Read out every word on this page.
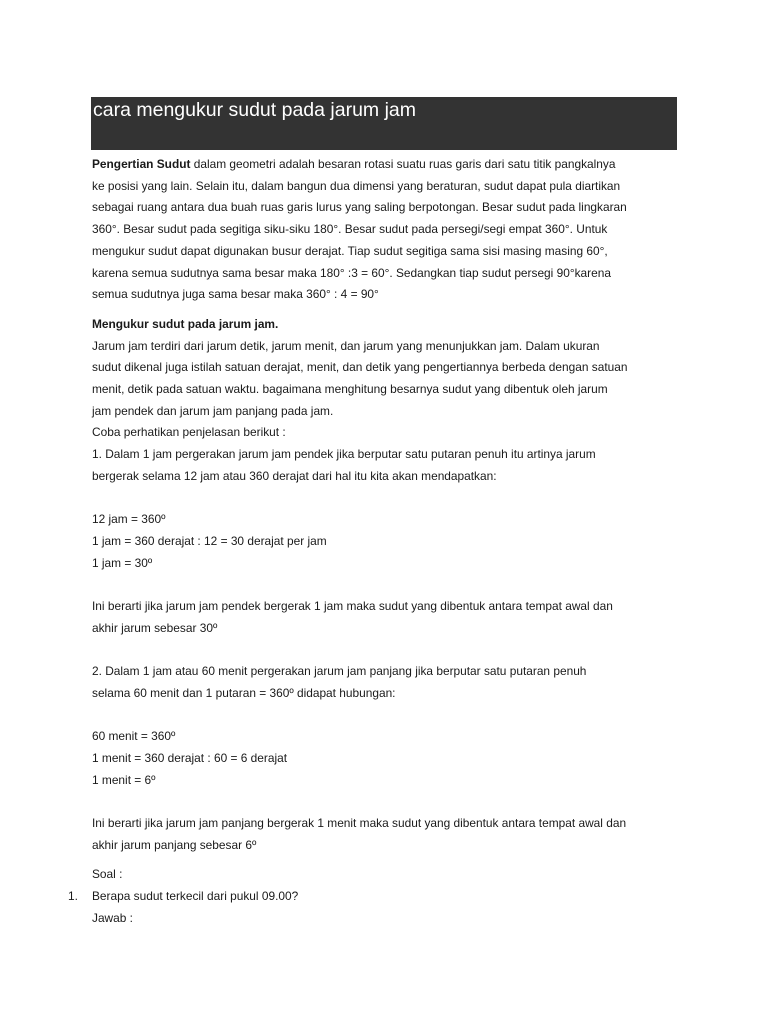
cara mengukur sudut pada jarum jam
Pengertian Sudut dalam geometri adalah besaran rotasi suatu ruas garis dari satu titik pangkalnya
ke posisi yang lain. Selain itu, dalam bangun dua dimensi yang beraturan, sudut dapat pula diartikan
sebagai ruang antara dua buah ruas garis lurus yang saling berpotongan. Besar sudut pada lingkaran
360°. Besar sudut pada segitiga siku-siku 180°. Besar sudut pada persegi/segi empat 360°. Untuk
mengukur sudut dapat digunakan busur derajat. Tiap sudut segitiga sama sisi masing masing 60°,
karena semua sudutnya sama besar maka 180° :3 = 60°. Sedangkan tiap sudut persegi 90°karena
semua sudutnya juga sama besar maka 360° : 4 = 90°
Mengukur sudut pada jarum jam.
Jarum jam terdiri dari jarum detik, jarum menit, dan jarum yang menunjukkan jam. Dalam ukuran
sudut dikenal juga istilah satuan derajat, menit, dan detik yang pengertiannya berbeda dengan satuan
menit, detik pada satuan waktu. bagaimana menghitung besarnya sudut yang dibentuk oleh jarum
jam pendek dan jarum jam panjang pada jam.
Coba perhatikan penjelasan berikut :
1. Dalam 1 jam pergerakan jarum jam pendek jika berputar satu putaran penuh itu artinya jarum
bergerak selama 12 jam atau 360 derajat dari hal itu kita akan mendapatkan:
12 jam = 360º
1 jam = 360 derajat : 12 = 30 derajat per jam
1 jam = 30º
Ini berarti jika jarum jam pendek bergerak 1 jam maka sudut yang dibentuk antara tempat awal dan
akhir jarum sebesar 30º
2. Dalam 1 jam atau 60 menit pergerakan jarum jam panjang jika berputar satu putaran penuh
selama 60 menit dan 1 putaran = 360º didapat hubungan:
60 menit = 360º
1 menit = 360 derajat : 60 = 6 derajat
1 menit = 6º
Ini berarti jika jarum jam panjang bergerak 1 menit maka sudut yang dibentuk antara tempat awal dan
akhir jarum panjang sebesar 6º
Soal :
1. Berapa sudut terkecil dari pukul 09.00?
Jawab :
